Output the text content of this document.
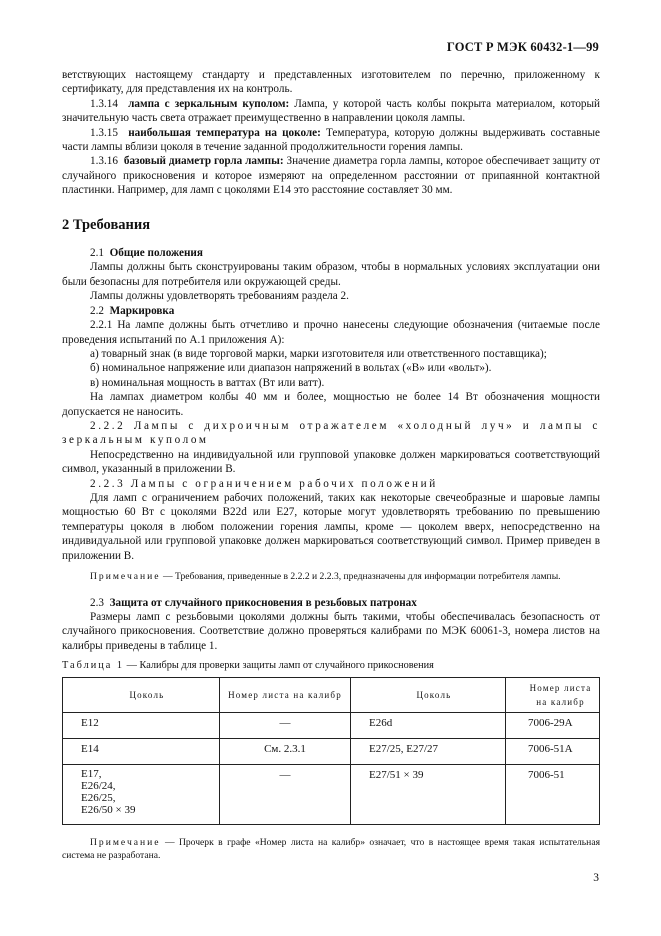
ГОСТ Р МЭК 60432-1—99

ветствующих настоящему стандарту и представленных изготовителем по перечню, приложенному к сертификату, для представления их на контроль.

1.3.14 лампа с зеркальным куполом: Лампа, у которой часть колбы покрыта материалом, который значительную часть света отражает преимущественно в направлении цоколя лампы.

1.3.15 наибольшая температура на цоколе: Температура, которую должны выдерживать составные части лампы вблизи цоколя в течение заданной продолжительности горения лампы.

1.3.16 базовый диаметр горла лампы: Значение диаметра горла лампы, которое обеспечивает защиту от случайного прикосновения и которое измеряют на определенном расстоянии от припаянной контактной пластинки. Например, для ламп с цоколями E14 это расстояние составляет 30 мм.

2 Требования

2.1 Общие положения

Лампы должны быть сконструированы таким образом, чтобы в нормальных условиях эксплуатации они были безопасны для потребителя или окружающей среды.

Лампы должны удовлетворять требованиям раздела 2.

2.2 Маркировка

2.2.1 На лампе должны быть отчетливо и прочно нанесены следующие обозначения (читаемые после проведения испытаний по А.1 приложения А):

а) товарный знак (в виде торговой марки, марки изготовителя или ответственного поставщика);

б) номинальное напряжение или диапазон напряжений в вольтах («В» или «вольт»).

в) номинальная мощность в ваттах (Вт или ватт).

На лампах диаметром колбы 40 мм и более, мощностью не более 14 Вт обозначения мощности допускается не наносить.

2.2.2 Лампы с дихроичным отражателем «холодный луч» и лампы с зеркальным куполом

Непосредственно на индивидуальной или групповой упаковке должен маркироваться соответствующий символ, указанный в приложении В.

2.2.3 Лампы с ограничением рабочих положений

Для ламп с ограничением рабочих положений, таких как некоторые свечеобразные и шаровые лампы мощностью 60 Вт с цоколями B22d или E27, которые могут удовлетворять требованию по превышению температуры цоколя в любом положении горения лампы, кроме — цоколем вверх, непосредственно на индивидуальной или групповой упаковке должен маркироваться соответствующий символ. Пример приведен в приложении В.

Примечание — Требования, приведенные в 2.2.2 и 2.2.3, предназначены для информации потребителя лампы.

2.3 Защита от случайного прикосновения в резьбовых патронах

Размеры ламп с резьбовыми цоколями должны быть такими, чтобы обеспечивалась безопасность от случайного прикосновения. Соответствие должно проверяться калибрами по МЭК 60061-3, номера листов на калибры приведены в таблице 1.

Таблица 1 — Калибры для проверки защиты ламп от случайного прикосновения
Цоколь	Номер листа на калибр	Цоколь	Номер листа на калибр
E12	—	E26d	7006-29A
E14	См. 2.3.1	E27/25, E27/27	7006-51A
E17,
E26/24,
E26/25,
E26/50 × 39	—	E27/51 × 39	7006-51

Примечание — Прочерк в графе «Номер листа на калибр» означает, что в настоящее время такая испытательная система не разработана.

3
